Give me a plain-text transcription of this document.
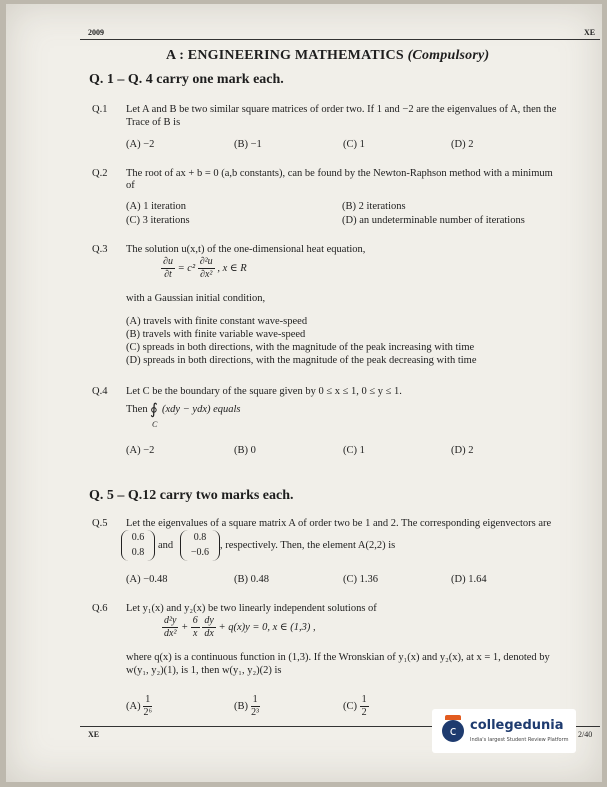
2009	XE
A : ENGINEERING MATHEMATICS (Compulsory)
Q. 1 – Q. 4 carry one mark each.
Q.1 Let A and B be two similar square matrices of order two. If 1 and −2 are the eigenvalues of A, then the
Trace of B is
(A) −2	(B) −1	(C) 1	(D) 2
Q.2 The root of ax + b = 0 (a,b constants), can be found by the Newton-Raphson method with a minimum
of
(A) 1 iteration	(B) 2 iterations
(C) 3 iterations	(D) an undeterminable number of iterations
Q.3 The solution u(x,t) of the one-dimensional heat equation,
$\frac{\partial u}{\partial t} = c^2 \frac{\text{∂²u}}{\text{∂x²}}$ , x ∈ R
with a Gaussian initial condition,
(A) travels with finite constant wave-speed
(B) travels with finite variable wave-speed
(C) spreads in both directions, with the magnitude of the peak increasing with time
(D) spreads in both directions, with the magnitude of the peak decreasing with time
Q.4 Let C be the boundary of the square given by 0 ≤ x ≤ 1, 0 ≤ y ≤ 1.
Then ∮ (xdy − ydx) equals
C
(A) −2	(B) 0	(C) 1	(D) 2
Q. 5 – Q.12 carry two marks each.
Q.5 Let the eigenvalues of a square matrix A of order two be 1 and 2. The corresponding eigenvectors are
0.6
0.8
and
0.8
−0.6
, respectively. Then, the element A(2,2) is
(A) −0.48	(B) 0.48	(C) 1.36	(D) 1.64
Q.6 Let y₁(x) and y₂(x) be two linearly independent solutions of
$\frac{\text{d²y}}{\text{dx²}} + \frac{6}{x}$
$\frac{dy}{dx} + q(x)y = 0$, x ∈ (1,3) ,
where q(x) is a continuous function in (1,3). If the Wronskian of y₁(x) and y₂(x), at x = 1, denoted by
w(y₁, y₂)(1), is 1, then w(y₁, y₂)(2) is
$(A) \frac{1}{\text{2⁶}}$	$(B) \frac{1}{\text{2³}}$	$(C) \frac{1}{2}$
XE	2/40
c	collegedunia
India's largest Student Review Platform
